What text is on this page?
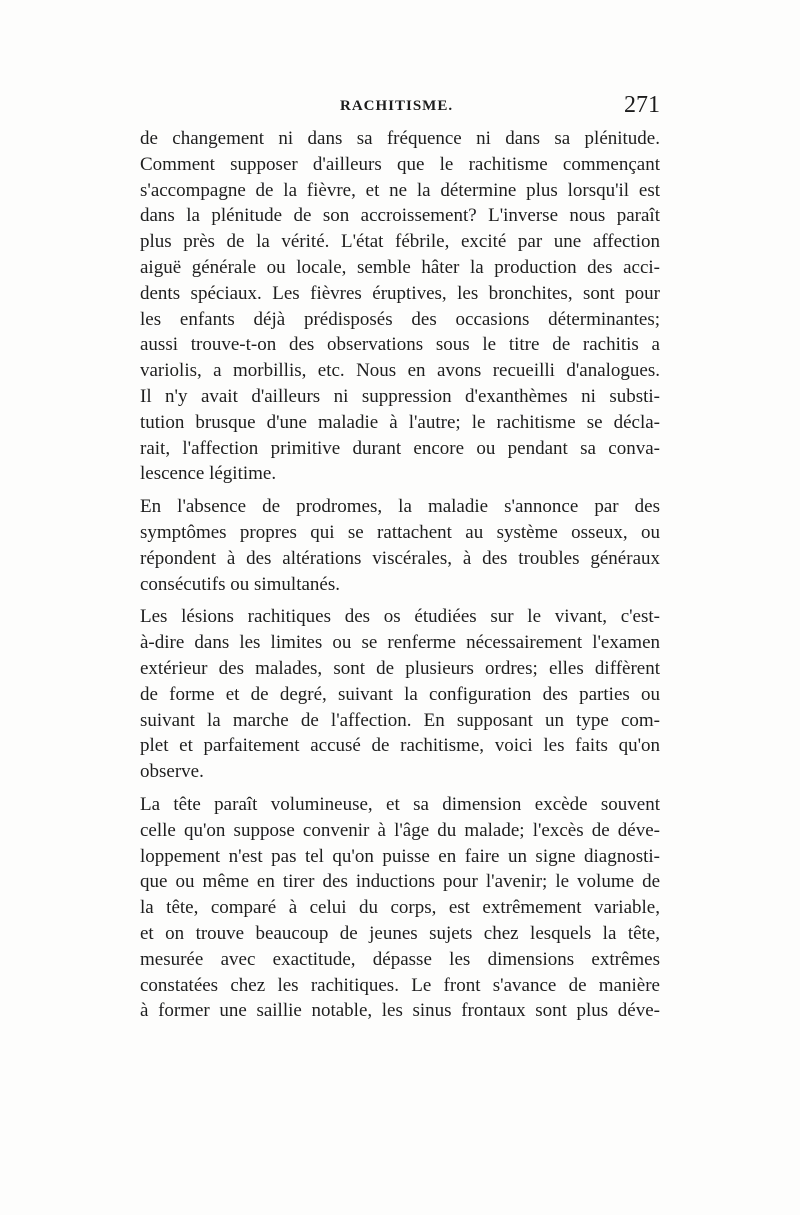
RACHITISME.	271
de changement ni dans sa fréquence ni dans sa plénitude.
Comment supposer d'ailleurs que le rachitisme commençant
s'accompagne de la fièvre, et ne la détermine plus lorsqu'il est
dans la plénitude de son accroissement? L'inverse nous paraît
plus près de la vérité. L'état fébrile, excité par une affection
aiguë générale ou locale, semble hâter la production des acci-
dents spéciaux. Les fièvres éruptives, les bronchites, sont pour
les enfants déjà prédisposés des occasions déterminantes;
aussi trouve-t-on des observations sous le titre de rachitis a
variolis, a morbillis, etc. Nous en avons recueilli d'analogues.
Il n'y avait d'ailleurs ni suppression d'exanthèmes ni substi-
tution brusque d'une maladie à l'autre; le rachitisme se décla-
rait, l'affection primitive durant encore ou pendant sa conva-
lescence légitime.
En l'absence de prodromes, la maladie s'annonce par des
symptômes propres qui se rattachent au système osseux, ou
répondent à des altérations viscérales, à des troubles généraux
consécutifs ou simultanés.
Les lésions rachitiques des os étudiées sur le vivant, c'est-
à-dire dans les limites ou se renferme nécessairement l'examen
extérieur des malades, sont de plusieurs ordres; elles diffèrent
de forme et de degré, suivant la configuration des parties ou
suivant la marche de l'affection. En supposant un type com-
plet et parfaitement accusé de rachitisme, voici les faits qu'on
observe.
La tête paraît volumineuse, et sa dimension excède souvent
celle qu'on suppose convenir à l'âge du malade; l'excès de déve-
loppement n'est pas tel qu'on puisse en faire un signe diagnosti-
que ou même en tirer des inductions pour l'avenir; le volume de
la tête, comparé à celui du corps, est extrêmement variable,
et on trouve beaucoup de jeunes sujets chez lesquels la tête,
mesurée avec exactitude, dépasse les dimensions extrêmes
constatées chez les rachitiques. Le front s'avance de manière
à former une saillie notable, les sinus frontaux sont plus déve-
